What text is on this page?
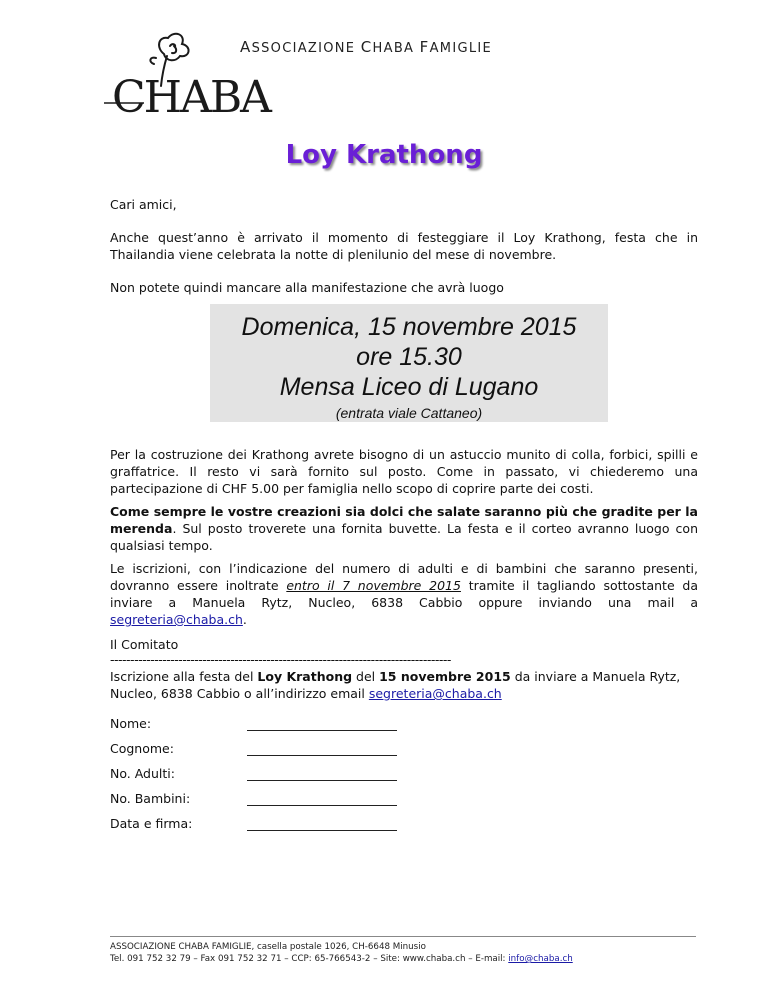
CHABA
ASSOCIAZIONE CHABA FAMIGLIE
Loy Krathong

Cari amici,

Anche quest’anno è arrivato il momento di festeggiare il Loy Krathong, festa che in Thailandia viene celebrata la notte di plenilunio del mese di novembre.

Non potete quindi mancare alla manifestazione che avrà luogo

Domenica, 15 novembre 2015
ore 15.30
Mensa Liceo di Lugano
(entrata viale Cattaneo)

Per la costruzione dei Krathong avrete bisogno di un astuccio munito di colla, forbici, spilli e graffatrice. Il resto vi sarà fornito sul posto. Come in passato, vi chiederemo una partecipazione di CHF 5.00 per famiglia nello scopo di coprire parte dei costi.

Come sempre le vostre creazioni sia dolci che salate saranno più che gradite per la merenda. Sul posto troverete una fornita buvette. La festa e il corteo avranno luogo con qualsiasi tempo.

Le iscrizioni, con l’indicazione del numero di adulti e di bambini che saranno presenti, dovranno essere inoltrate entro il 7 novembre 2015 tramite il tagliando sottostante da inviare a Manuela Rytz, Nucleo, 6838 Cabbio oppure inviando una mail a segreteria@chaba.ch.

Il Comitato

-------------------------------------------------------------------------------------

Iscrizione alla festa del Loy Krathong del 15 novembre 2015 da inviare a Manuela Rytz, Nucleo, 6838 Cabbio o all’indirizzo email segreteria@chaba.ch

Nome:
Cognome:
No. Adulti:
No. Bambini:
Data e firma:
ASSOCIAZIONE CHABA FAMIGLIE, casella postale 1026, CH-6648 Minusio
Tel. 091 752 32 79 – Fax 091 752 32 71 – CCP: 65-766543-2 – Site: www.chaba.ch – E-mail: info@chaba.ch
